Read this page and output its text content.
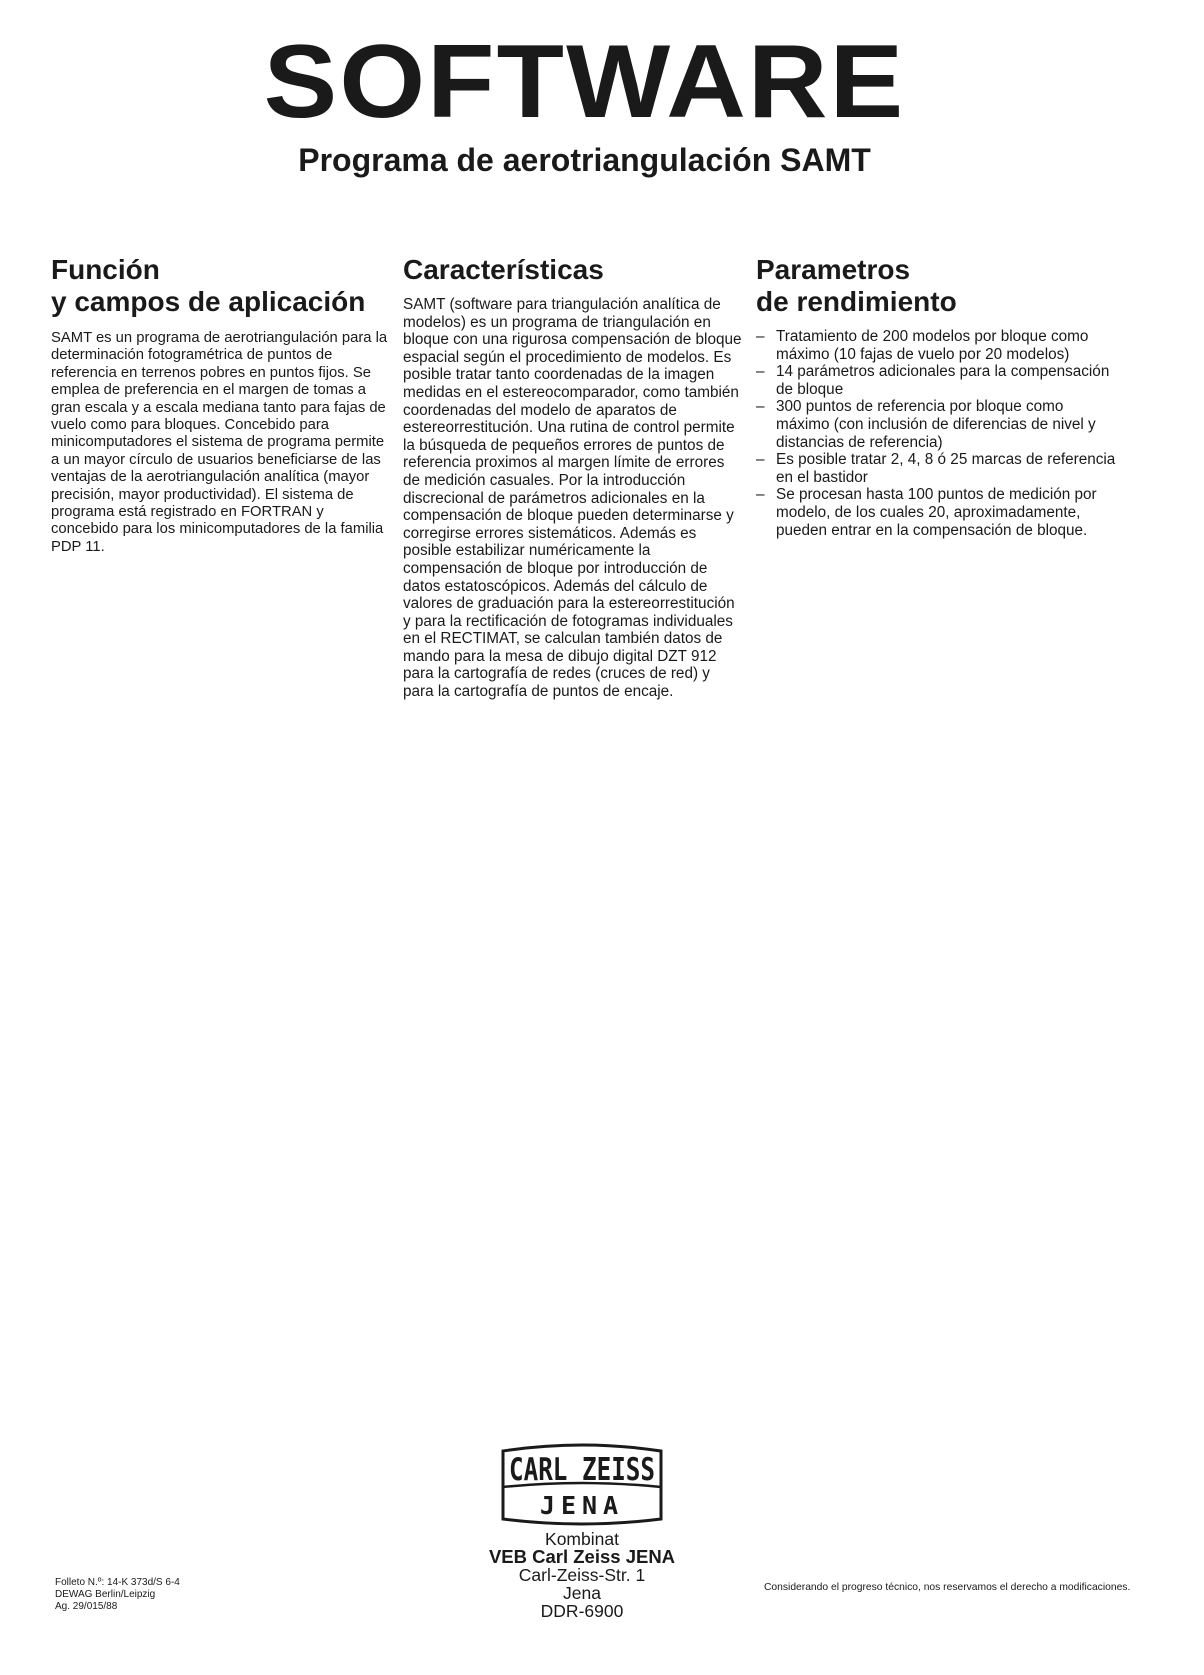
SOFTWARE
Programa de aerotriangulación SAMT
Función
y campos de aplicación

SAMT es un programa de aerotriangulación para la determinación fotogramétrica de puntos de referencia en terrenos pobres en puntos fijos. Se emplea de preferencia en el margen de tomas a gran escala y a escala mediana tanto para fajas de vuelo como para bloques. Concebido para minicomputadores el sistema de programa permite a un mayor círculo de usuarios beneficiarse de las ventajas de la aerotriangulación analítica (mayor precisión, mayor productividad). El sistema de programa está registrado en FORTRAN y concebido para los minicomputadores de la familia PDP 11.

Características

SAMT (software para triangulación analítica de modelos) es un programa de triangulación en bloque con una rigurosa compensación de bloque espacial según el procedimiento de modelos. Es posible tratar tanto coordenadas de la imagen medidas en el estereocomparador, como también coordenadas del modelo de aparatos de estereorrestitución. Una rutina de control permite la búsqueda de pequeños errores de puntos de referencia proximos al margen límite de errores de medición casuales. Por la introducción discrecional de parámetros adicionales en la compensación de bloque pueden determinarse y corregirse errores sistemáticos. Además es posible estabilizar numéricamente la compensación de bloque por introducción de datos estatoscópicos. Además del cálculo de valores de graduación para la estereorrestitución y para la rectificación de fotogramas individuales en el RECTIMAT, se calculan también datos de mando para la mesa de dibujo digital DZT 912 para la cartografía de redes (cruces de red) y para la cartografía de puntos de encaje.

Parametros
de rendimiento
– Tratamiento de 200 modelos por bloque como máximo (10 fajas de vuelo por 20 modelos)
– 14 parámetros adicionales para la compensación de bloque
– 300 puntos de referencia por bloque como máximo (con inclusión de diferencias de nivel y distancias de referencia)
– Es posible tratar 2, 4, 8 ó 25 marcas de referencia en el bastidor
– Se procesan hasta 100 puntos de medición por modelo, de los cuales 20, aproximadamente, pueden entrar en la compensación de bloque.
CARL ZEISS
JENA
Kombinat
VEB Carl Zeiss JENA
Carl-Zeiss-Str. 1
Jena
DDR-6900
Folleto N.º: 14-K 373d/S 6-4
DEWAG Berlin/Leipzig
Ag. 29/015/88
Considerando el progreso técnico, nos reservamos el derecho a modificaciones.
